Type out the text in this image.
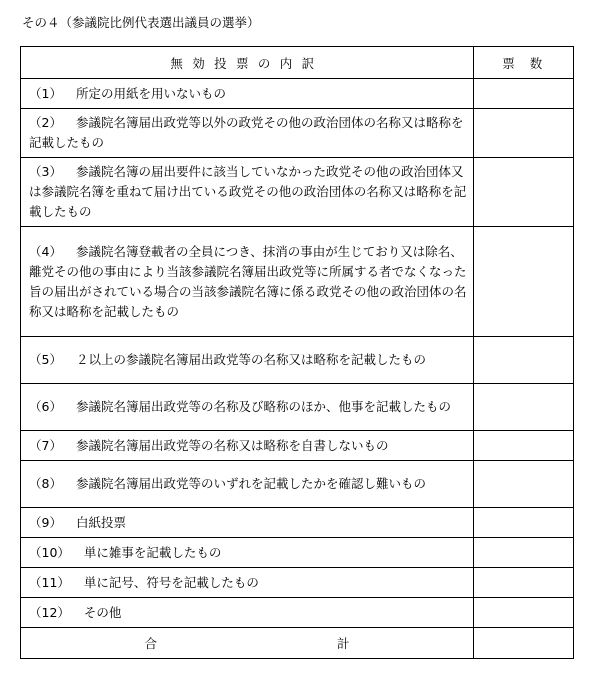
その４（参議院比例代表選出議員の選挙）
無効投票の内訳	票数

（1） 所定の用紙を用いないもの	

（2） 参議院名簿届出政党等以外の政党その他の政治団体の名称又は略称を記載したもの	

（3） 参議院名簿の届出要件に該当していなかった政党その他の政治団体又は参議院名簿を重ねて届け出ている政党その他の政治団体の名称又は略称を記載したもの	

（4） 参議院名簿登載者の全員につき、抹消の事由が生じており又は除名、離党その他の事由により当該参議院名簿届出政党等に所属する者でなくなった旨の届出がされている場合の当該参議院名簿に係る政党その他の政治団体の名称又は略称を記載したもの	

（5） ２以上の参議院名簿届出政党等の名称又は略称を記載したもの	

（6） 参議院名簿届出政党等の名称及び略称のほか、他事を記載したもの	

（7） 参議院名簿届出政党等の名称又は略称を自書しないもの	

（8） 参議院名簿届出政党等のいずれを記載したかを確認し難いもの	

（9） 白紙投票	

（10） 単に雑事を記載したもの	

（11） 単に記号、符号を記載したもの	

（12） その他	

合 計	
